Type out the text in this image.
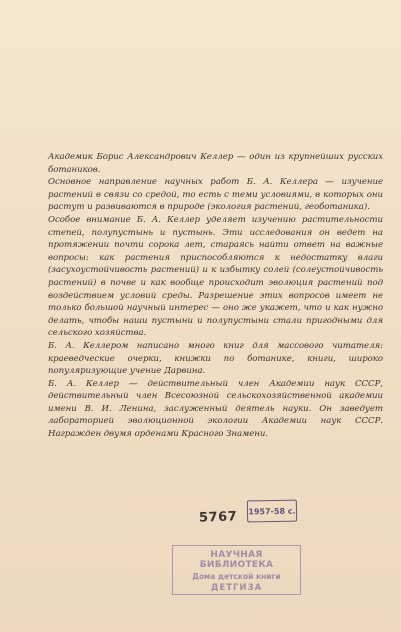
Академик Борис Александрович Келлер — один из крупнейших русских ботаников.

Основное направление научных работ Б. А. Келлера — изучение растений в связи со средой, то есть с теми условиями, в которых они растут и развиваются в природе (экология растений, геоботаника).

Особое внимание Б. А. Келлер уделяет изучению растительности степей, полупустынь и пустынь. Эти исследования он ведет на протяжении почти сорока лет, стараясь найти ответ на важные вопросы: как растения приспособляются к недостатку влаги (засухоустойчивость растений) и к избытку солей (солеустойчивость растений) в почве и как вообще происходит эволюция растений под воздействием условий среды. Разрешение этих вопросов имеет не только большой научный интерес — оно же укажет, что и как нужно делать, чтобы наши пустыни и полупустыни стали пригодными для сельского хозяйства.

Б. А. Келлером написано много книг для массового читателя: краеведческие очерки, книжки по ботанике, книги, широко популяризующие учение Дарвина.

Б. А. Келлер — действительный член Академии наук СССР, действительный член Всесоюзной сельскохозяйственной академии имени В. И. Ленина, заслуженный деятель науки. Он заведует лабораторией эволюционной экологии Академии наук СССР. Награжден двумя орденами Красного Знамени.

5767 1957-58 с.
НАУЧНАЯ БИБЛИОТЕКА
Дома детской книги
ДЕТГИЗА
